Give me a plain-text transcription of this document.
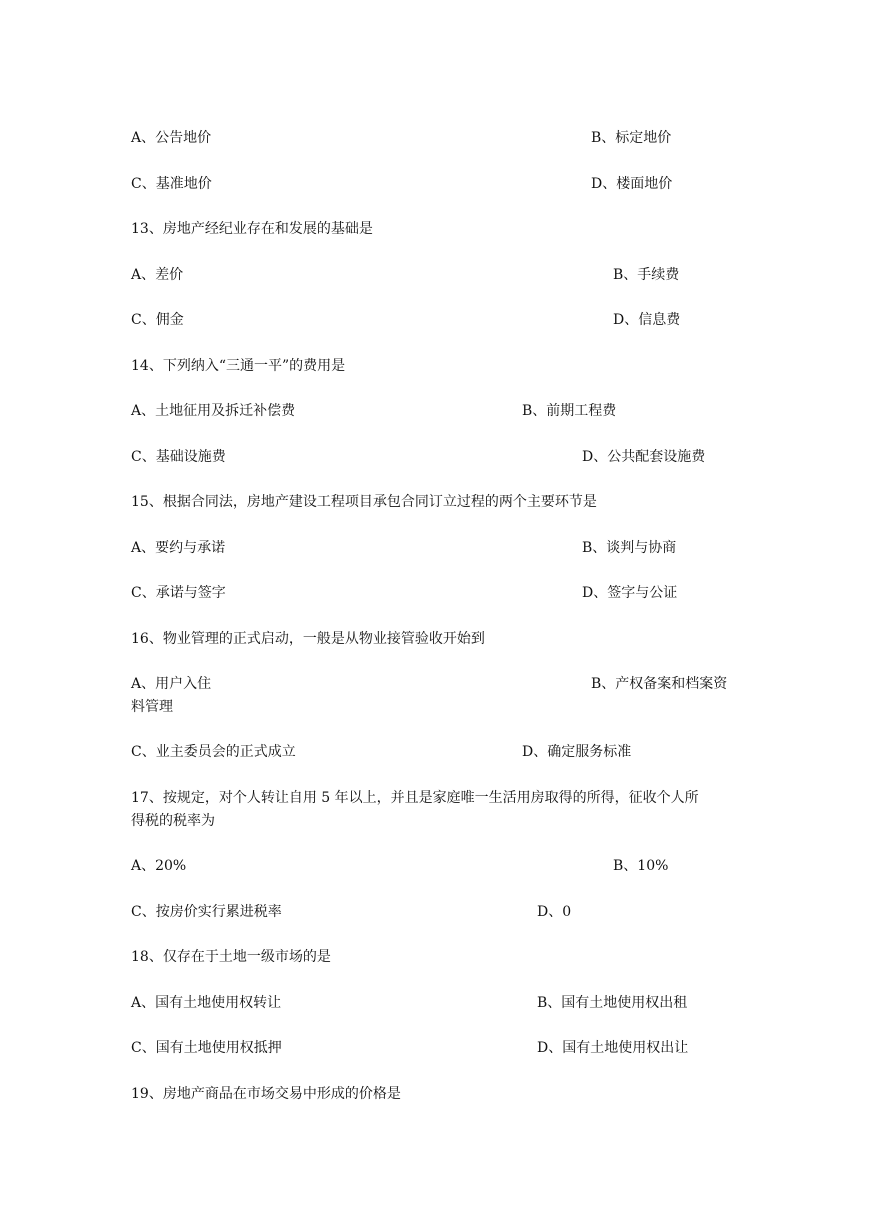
A、公告地价	B、标定地价
C、基准地价	D、楼面地价
13、房地产经纪业存在和发展的基础是
A、差价	B、手续费
C、佣金	D、信息费
14、下列纳入“三通一平”的费用是
A、土地征用及拆迁补偿费	B、前期工程费
C、基础设施费	D、公共配套设施费
15、根据合同法，房地产建设工程项目承包合同订立过程的两个主要环节是
A、要约与承诺	B、谈判与协商
C、承诺与签字	D、签字与公证
16、物业管理的正式启动，一般是从物业接管验收开始到
A、用户入住	B、产权备案和档案资
料管理
C、业主委员会的正式成立	D、确定服务标准
17、按规定，对个人转让自用 5 年以上，并且是家庭唯一生活用房取得的所得，征收个人所
得税的税率为
A、20%	B、10%
C、按房价实行累进税率	D、0
18、仅存在于土地一级市场的是
A、国有土地使用权转让	B、国有土地使用权出租
C、国有土地使用权抵押	D、国有土地使用权出让
19、房地产商品在市场交易中形成的价格是
